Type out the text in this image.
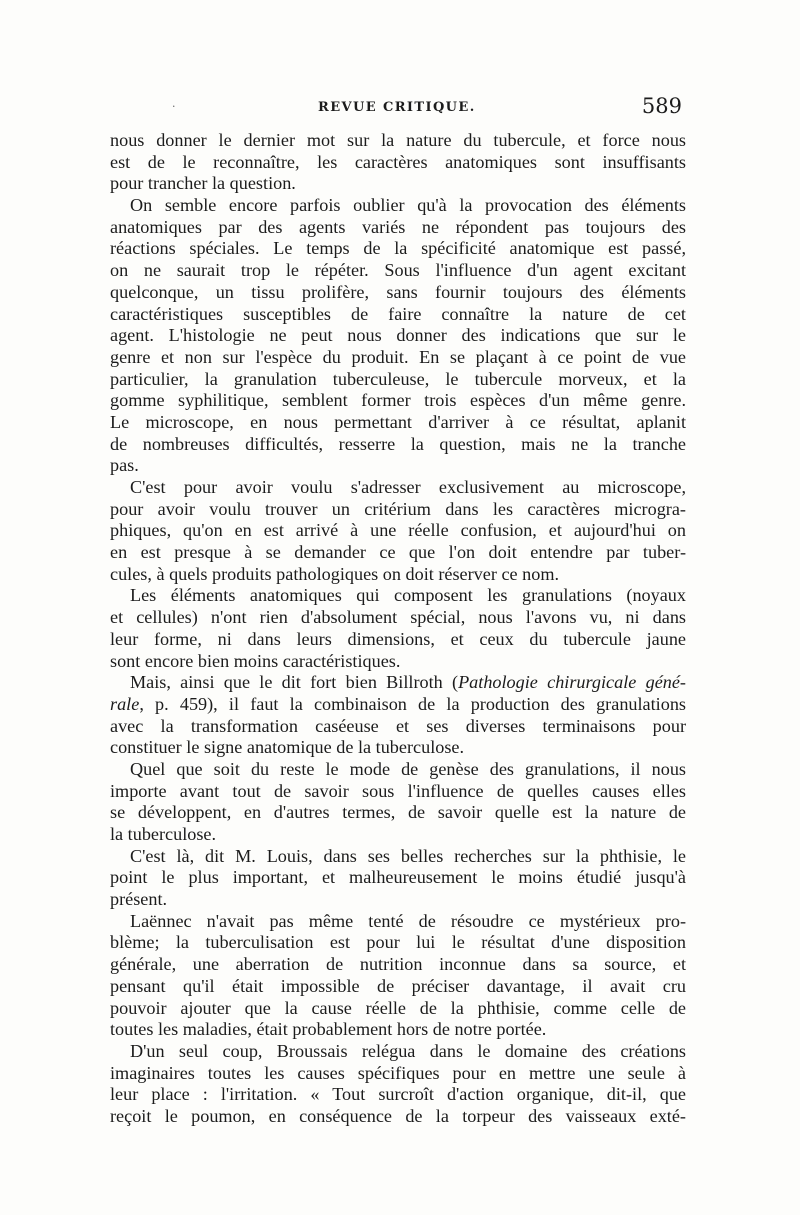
·	REVUE CRITIQUE.	589
nous donner le dernier mot sur la nature du tubercule, et force nous
est de le reconnaître, les caractères anatomiques sont insuffisants
pour trancher la question.
On semble encore parfois oublier qu'à la provocation des éléments
anatomiques par des agents variés ne répondent pas toujours des
réactions spéciales. Le temps de la spécificité anatomique est passé,
on ne saurait trop le répéter. Sous l'influence d'un agent excitant
quelconque, un tissu prolifère, sans fournir toujours des éléments
caractéristiques susceptibles de faire connaître la nature de cet
agent. L'histologie ne peut nous donner des indications que sur le
genre et non sur l'espèce du produit. En se plaçant à ce point de vue
particulier, la granulation tuberculeuse, le tubercule morveux, et la
gomme syphilitique, semblent former trois espèces d'un même genre.
Le microscope, en nous permettant d'arriver à ce résultat, aplanit
de nombreuses difficultés, resserre la question, mais ne la tranche
pas.
C'est pour avoir voulu s'adresser exclusivement au microscope,
pour avoir voulu trouver un critérium dans les caractères microgra-
phiques, qu'on en est arrivé à une réelle confusion, et aujourd'hui on
en est presque à se demander ce que l'on doit entendre par tuber-
cules, à quels produits pathologiques on doit réserver ce nom.
Les éléments anatomiques qui composent les granulations (noyaux
et cellules) n'ont rien d'absolument spécial, nous l'avons vu, ni dans
leur forme, ni dans leurs dimensions, et ceux du tubercule jaune
sont encore bien moins caractéristiques.
Mais, ainsi que le dit fort bien Billroth (Pathologie chirurgicale géné-
rale, p. 459), il faut la combinaison de la production des granulations
avec la transformation caséeuse et ses diverses terminaisons pour
constituer le signe anatomique de la tuberculose.
Quel que soit du reste le mode de genèse des granulations, il nous
importe avant tout de savoir sous l'influence de quelles causes elles
se développent, en d'autres termes, de savoir quelle est la nature de
la tuberculose.
C'est là, dit M. Louis, dans ses belles recherches sur la phthisie, le
point le plus important, et malheureusement le moins étudié jusqu'à
présent.
Laënnec n'avait pas même tenté de résoudre ce mystérieux pro-
blème; la tuberculisation est pour lui le résultat d'une disposition
générale, une aberration de nutrition inconnue dans sa source, et
pensant qu'il était impossible de préciser davantage, il avait cru
pouvoir ajouter que la cause réelle de la phthisie, comme celle de
toutes les maladies, était probablement hors de notre portée.
D'un seul coup, Broussais relégua dans le domaine des créations
imaginaires toutes les causes spécifiques pour en mettre une seule à
leur place : l'irritation. « Tout surcroît d'action organique, dit-il, que
reçoit le poumon, en conséquence de la torpeur des vaisseaux exté-
